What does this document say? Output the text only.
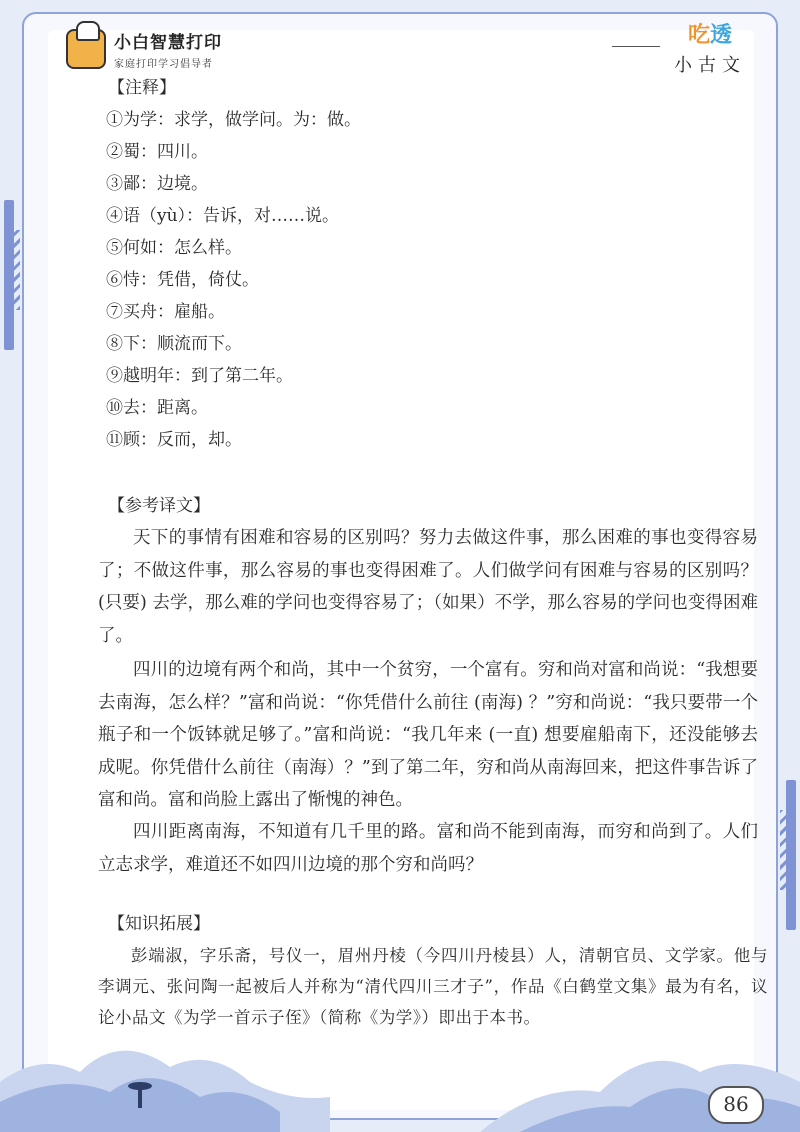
小白智慧打印
家庭打印学习倡导者
吃透
小古文
【注释】
①为学：求学，做学问。为：做。
②蜀：四川。
③鄙：边境。
④语（yù）：告诉，对……说。
⑤何如：怎么样。
⑥恃：凭借，倚仗。
⑦买舟：雇船。
⑧下：顺流而下。
⑨越明年：到了第二年。
⑩去：距离。
⑪顾：反而，却。
【参考译文】
天下的事情有困难和容易的区别吗？努力去做这件事，那么困难的事也变得容易了；不做这件事，那么容易的事也变得困难了。人们做学问有困难与容易的区别吗？(只要) 去学，那么难的学问也变得容易了；（如果）不学，那么容易的学问也变得困难了。
四川的边境有两个和尚，其中一个贫穷，一个富有。穷和尚对富和尚说：“我想要去南海，怎么样？”富和尚说：“你凭借什么前往 (南海) ？”穷和尚说：“我只要带一个瓶子和一个饭钵就足够了。”富和尚说：“我几年来 (一直) 想要雇船南下，还没能够去成呢。你凭借什么前往（南海）？”到了第二年，穷和尚从南海回来，把这件事告诉了富和尚。富和尚脸上露出了惭愧的神色。
四川距离南海，不知道有几千里的路。富和尚不能到南海，而穷和尚到了。人们立志求学，难道还不如四川边境的那个穷和尚吗？
【知识拓展】
彭端淑，字乐斋，号仪一，眉州丹棱（今四川丹棱县）人，清朝官员、文学家。他与李调元、张问陶一起被后人并称为“清代四川三才子”，作品《白鹤堂文集》最为有名，议论小品文《为学一首示子侄》（简称《为学》）即出于本书。
86
